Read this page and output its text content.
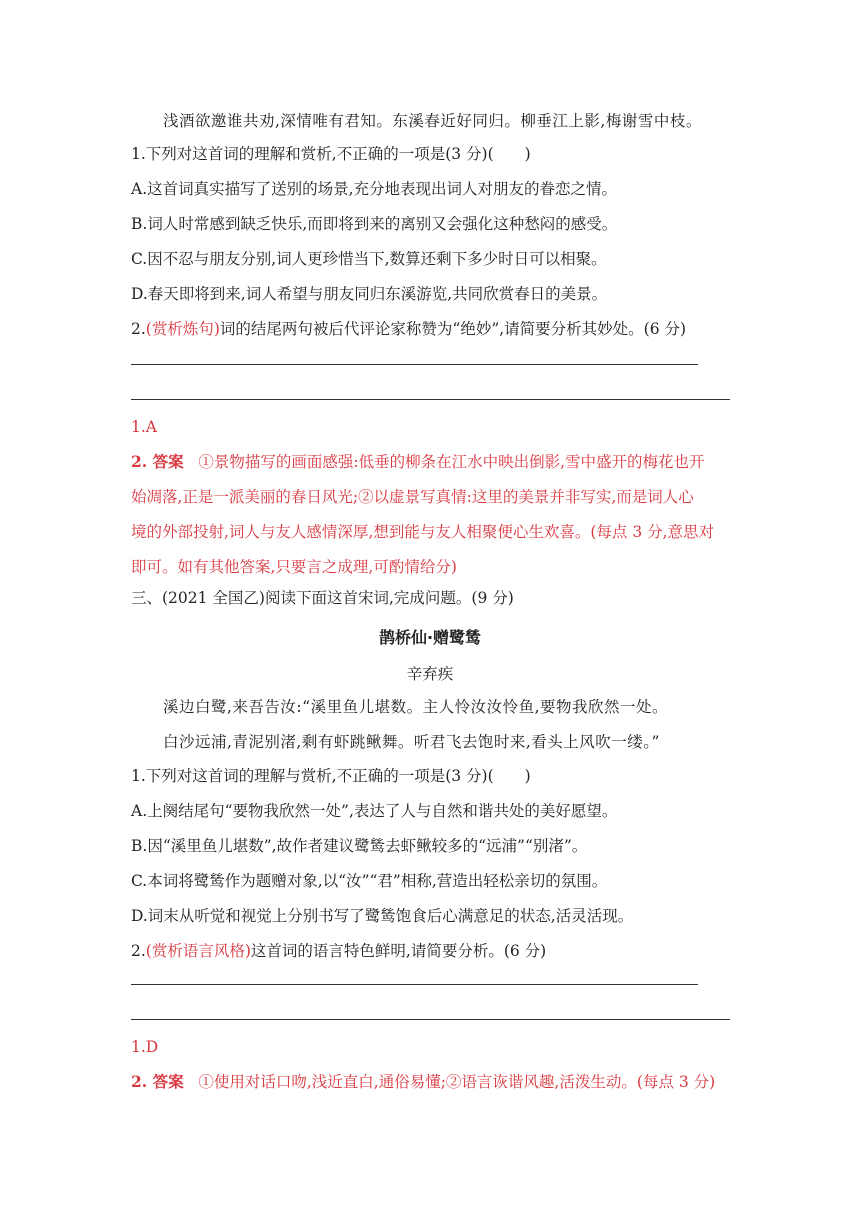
浅酒欲邀谁共劝,深情唯有君知。东溪春近好同归。柳垂江上影,梅谢雪中枝。
1.下列对这首词的理解和赏析,不正确的一项是(3 分)(　　)
A.这首词真实描写了送别的场景,充分地表现出词人对朋友的眷恋之情。
B.词人时常感到缺乏快乐,而即将到来的离别又会强化这种愁闷的感受。
C.因不忍与朋友分别,词人更珍惜当下,数算还剩下多少时日可以相聚。
D.春天即将到来,词人希望与朋友同归东溪游览,共同欣赏春日的美景。
2.(赏析炼句)词的结尾两句被后代评论家称赞为“绝妙”,请简要分析其妙处。(6 分)
1.A
2. 答案 ①景物描写的画面感强:低垂的柳条在江水中映出倒影,雪中盛开的梅花也开
始凋落,正是一派美丽的春日风光;②以虚景写真情:这里的美景并非写实,而是词人心
境的外部投射,词人与友人感情深厚,想到能与友人相聚便心生欢喜。(每点 3 分,意思对
即可。如有其他答案,只要言之成理,可酌情给分)
三、(2021 全国乙)阅读下面这首宋词,完成问题。(9 分)
鹊桥仙·赠鹭鸶
辛弃疾
溪边白鹭,来吾告汝:“溪里鱼儿堪数。主人怜汝汝怜鱼,要物我欣然一处。
白沙远浦,青泥别渚,剩有虾跳鳅舞。听君飞去饱时来,看头上风吹一缕。”
1.下列对这首词的理解与赏析,不正确的一项是(3 分)(　　)
A.上阕结尾句“要物我欣然一处”,表达了人与自然和谐共处的美好愿望。
B.因“溪里鱼儿堪数”,故作者建议鹭鸶去虾鳅较多的“远浦”“别渚”。
C.本词将鹭鸶作为题赠对象,以“汝”“君”相称,营造出轻松亲切的氛围。
D.词末从听觉和视觉上分别书写了鹭鸶饱食后心满意足的状态,活灵活现。
2.(赏析语言风格)这首词的语言特色鲜明,请简要分析。(6 分)
1.D
2. 答案 ①使用对话口吻,浅近直白,通俗易懂;②语言诙谐风趣,活泼生动。(每点 3 分)
